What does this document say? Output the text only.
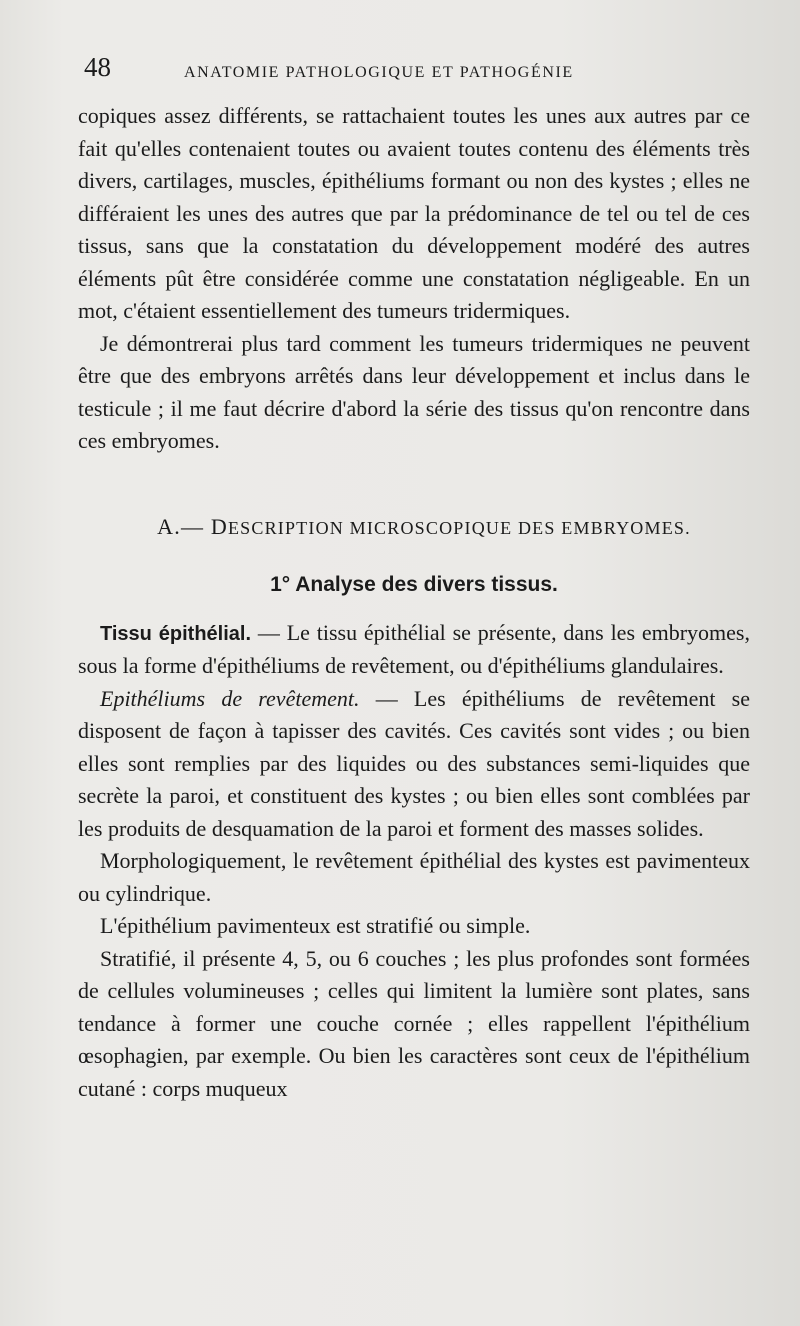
48	ANATOMIE PATHOLOGIQUE ET PATHOGÉNIE

copiques assez différents, se rattachaient toutes les unes aux autres par ce fait qu'elles contenaient toutes ou avaient toutes contenu des éléments très divers, cartilages, muscles, épithéliums formant ou non des kystes ; elles ne différaient les unes des autres que par la prédominance de tel ou tel de ces tissus, sans que la constatation du développement modéré des autres éléments pût être considérée comme une constatation négligeable. En un mot, c'étaient essentiellement des tumeurs tridermiques.

Je démontrerai plus tard comment les tumeurs tridermiques ne peuvent être que des embryons arrêtés dans leur développement et inclus dans le testicule ; il me faut décrire d'abord la série des tissus qu'on rencontre dans ces embryomes.

A.— DESCRIPTION MICROSCOPIQUE DES EMBRYOMES.
1° Analyse des divers tissus.

Tissu épithélial. — Le tissu épithélial se présente, dans les embryomes, sous la forme d'épithéliums de revêtement, ou d'épithéliums glandulaires.

Epithéliums de revêtement. — Les épithéliums de revêtement se disposent de façon à tapisser des cavités. Ces cavités sont vides ; ou bien elles sont remplies par des liquides ou des substances semi-liquides que secrète la paroi, et constituent des kystes ; ou bien elles sont comblées par les produits de desquamation de la paroi et forment des masses solides.

Morphologiquement, le revêtement épithélial des kystes est pavimenteux ou cylindrique.

L'épithélium pavimenteux est stratifié ou simple.

Stratifié, il présente 4, 5, ou 6 couches ; les plus profondes sont formées de cellules volumineuses ; celles qui limitent la lumière sont plates, sans tendance à former une couche cornée ; elles rappellent l'épithélium œsophagien, par exemple. Ou bien les caractères sont ceux de l'épithélium cutané : corps muqueux
